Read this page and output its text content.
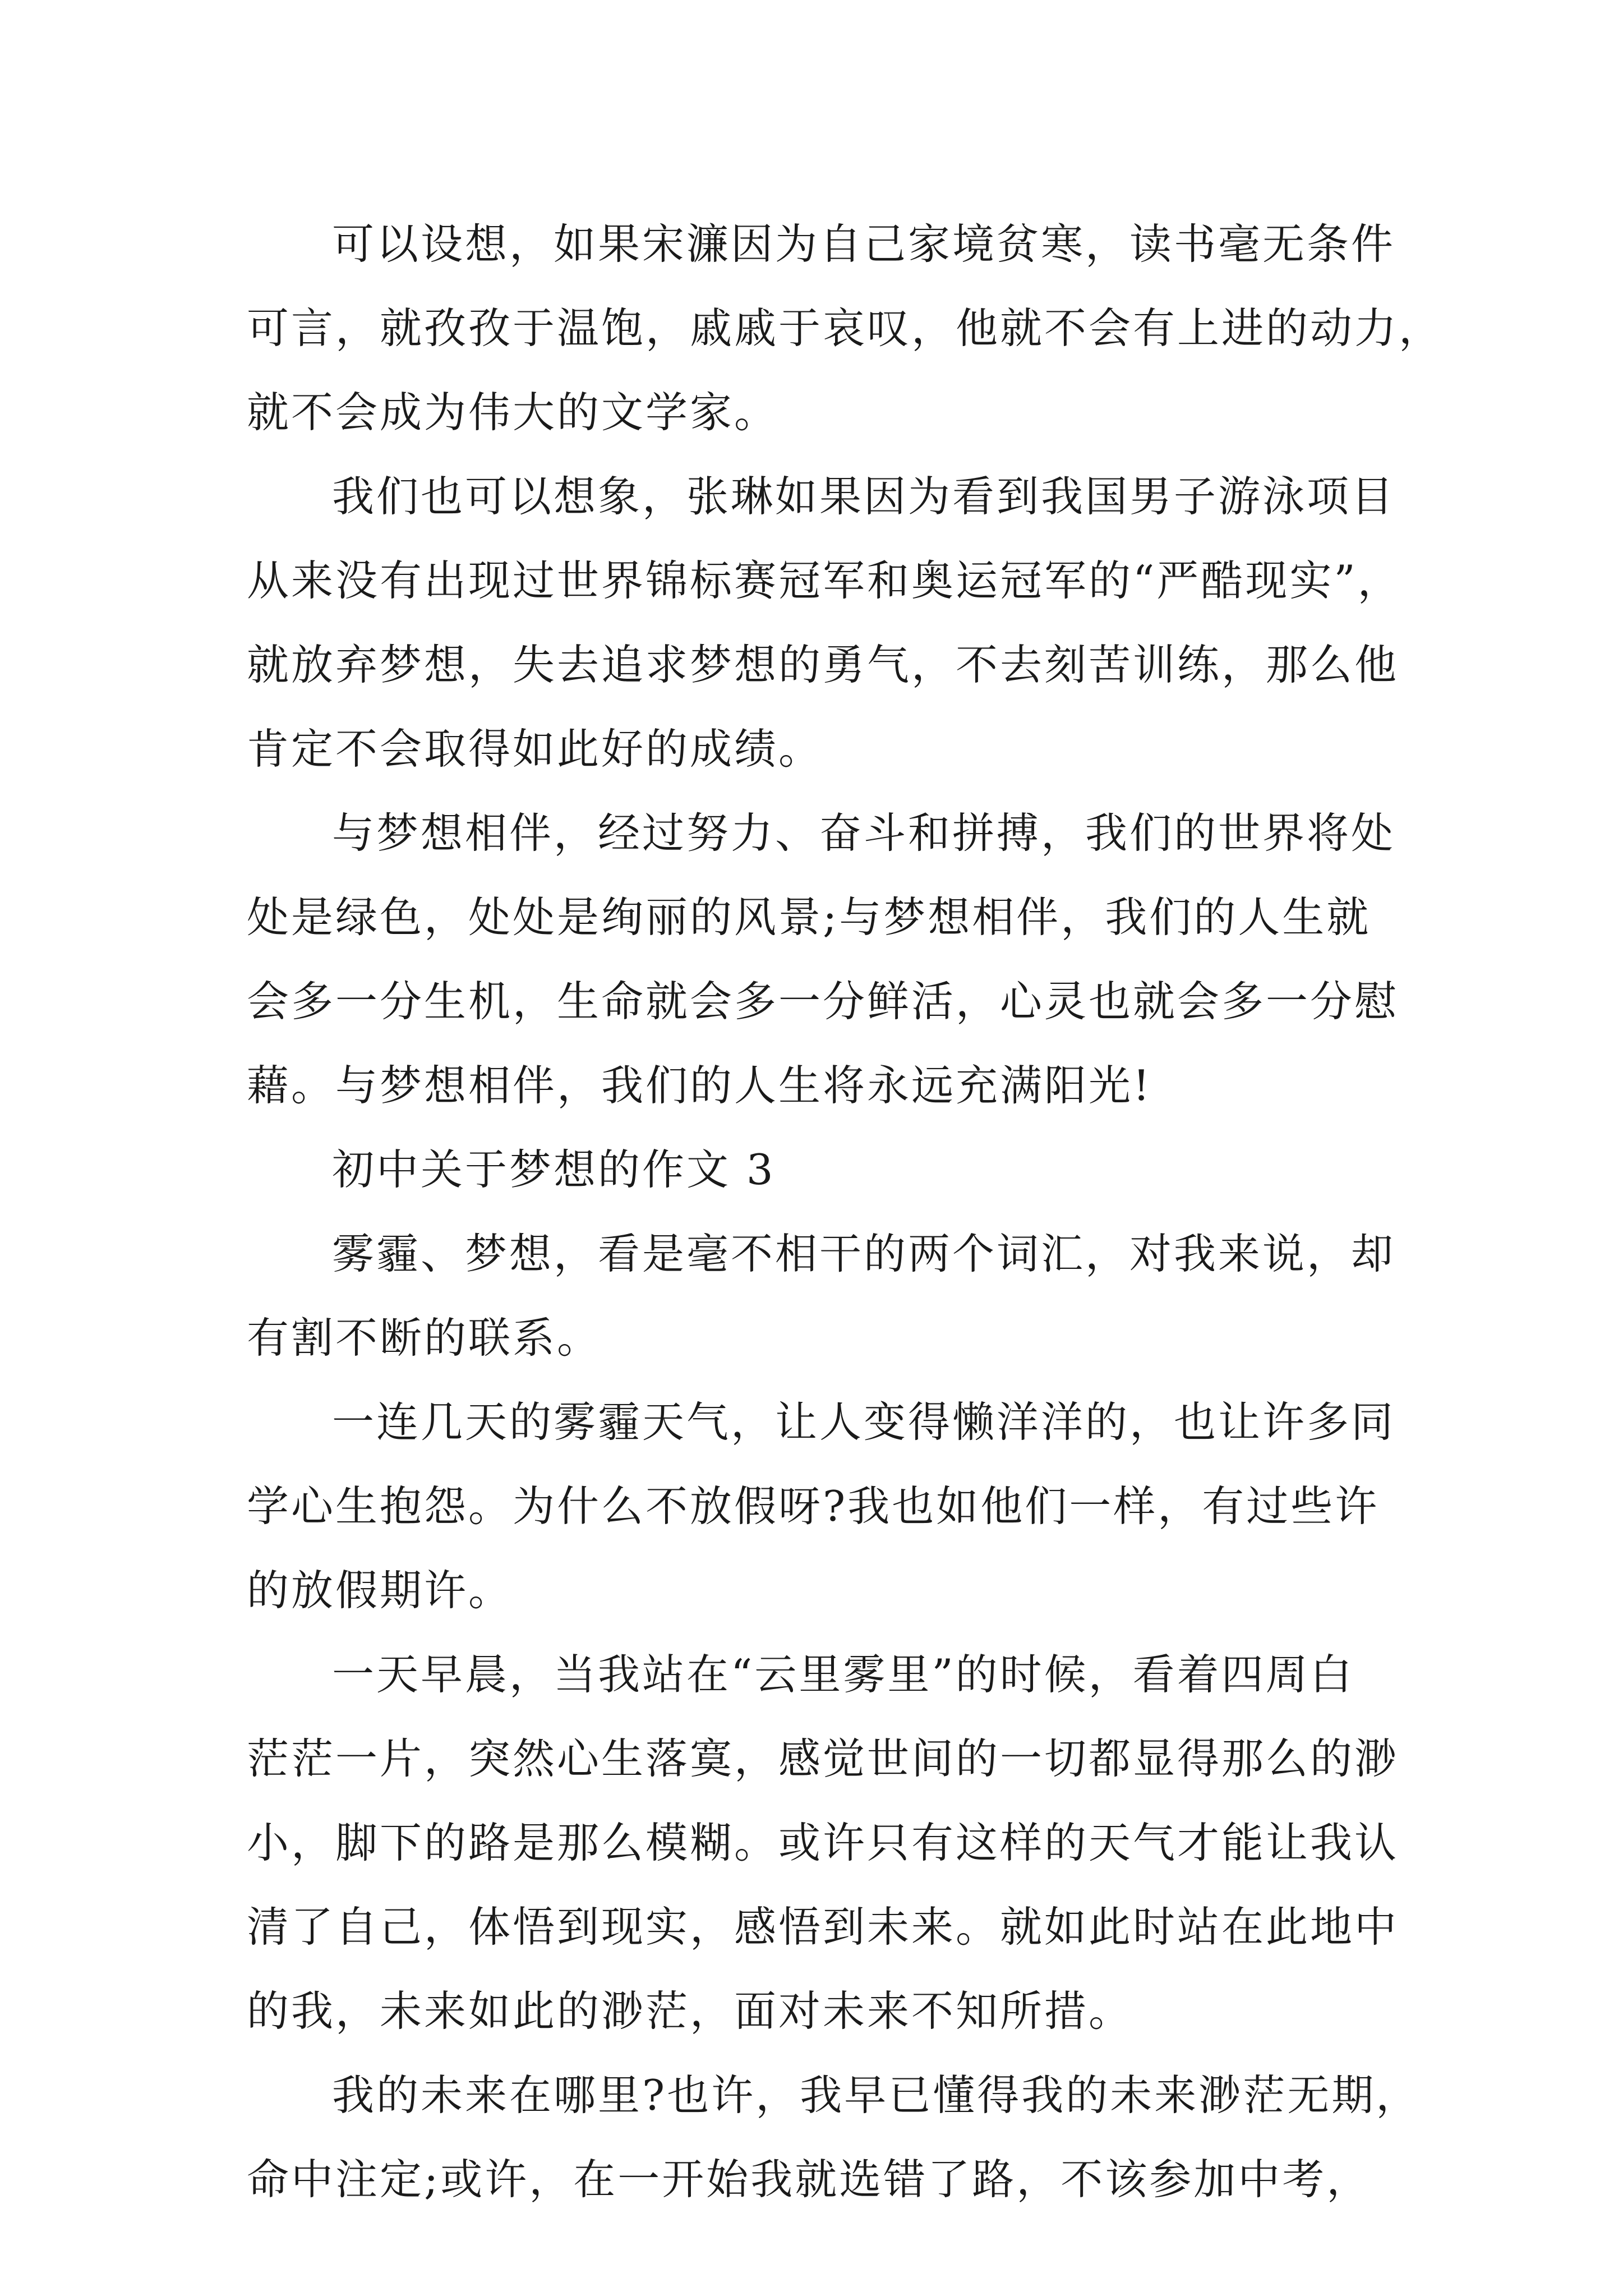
可以设想，如果宋濂因为自己家境贫寒，读书毫无条件
可言，就孜孜于温饱，戚戚于哀叹，他就不会有上进的动力，
就不会成为伟大的文学家。
我们也可以想象，张琳如果因为看到我国男子游泳项目
从来没有出现过世界锦标赛冠军和奥运冠军的“严酷现实”，
就放弃梦想，失去追求梦想的勇气，不去刻苦训练，那么他
肯定不会取得如此好的成绩。
与梦想相伴，经过努力、奋斗和拼搏，我们的世界将处
处是绿色，处处是绚丽的风景;与梦想相伴，我们的人生就
会多一分生机，生命就会多一分鲜活，心灵也就会多一分慰
藉。与梦想相伴，我们的人生将永远充满阳光!
初中关于梦想的作文 3
雾霾、梦想，看是毫不相干的两个词汇，对我来说，却
有割不断的联系。
一连几天的雾霾天气，让人变得懒洋洋的，也让许多同
学心生抱怨。为什么不放假呀?我也如他们一样，有过些许
的放假期许。
一天早晨，当我站在“云里雾里”的时候，看着四周白
茫茫一片，突然心生落寞，感觉世间的一切都显得那么的渺
小，脚下的路是那么模糊。或许只有这样的天气才能让我认
清了自己，体悟到现实，感悟到未来。就如此时站在此地中
的我，未来如此的渺茫，面对未来不知所措。
我的未来在哪里?也许，我早已懂得我的未来渺茫无期，
命中注定;或许，在一开始我就选错了路，不该参加中考，
